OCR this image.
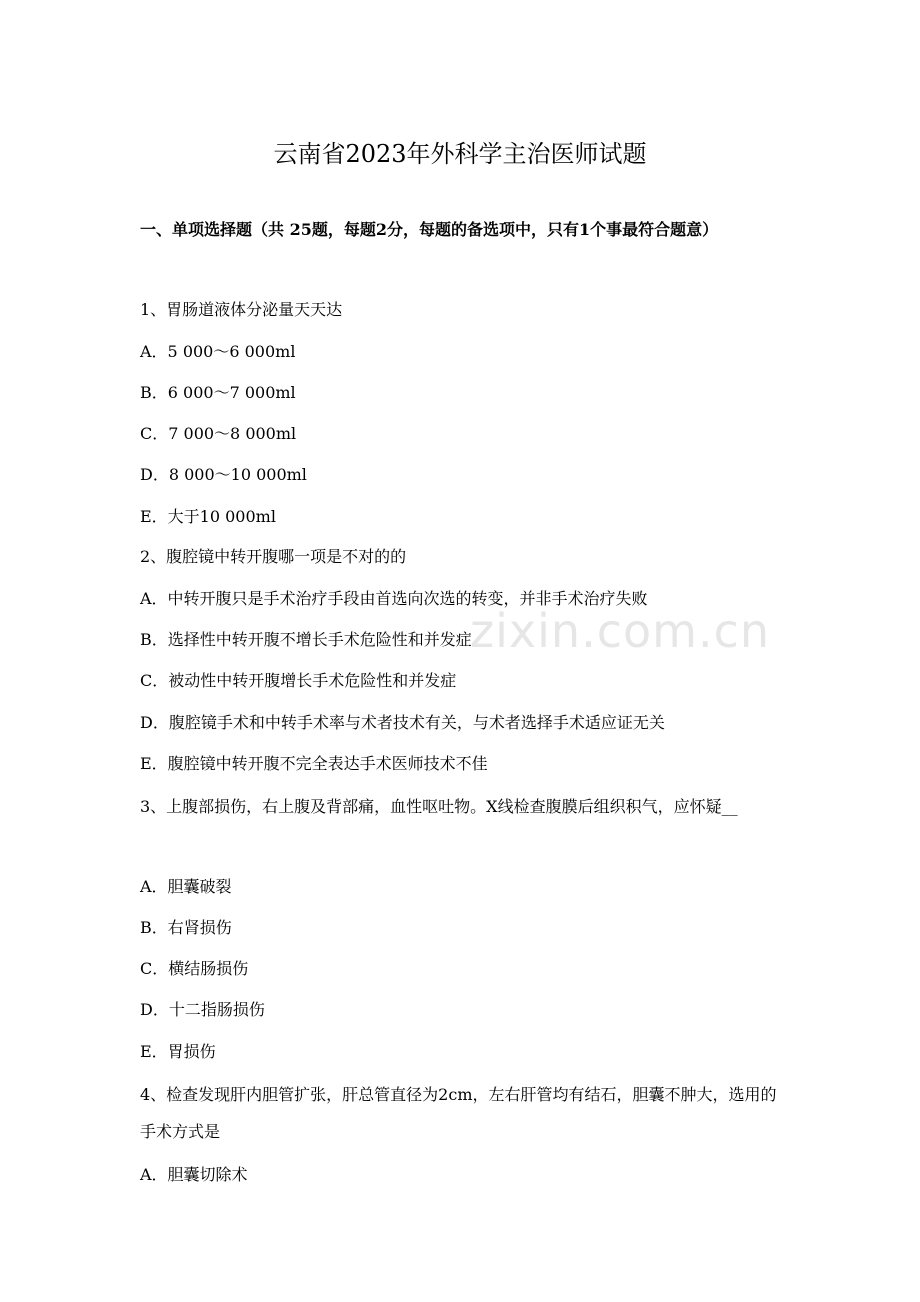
zixin.com.cn
云南省2023年外科学主治医师试题
一、单项选择题（共 25题，每题2分，每题的备选项中，只有1个事最符合题意）
1、胃肠道液体分泌量天天达
A．5 000～6 000ml
B．6 000～7 000ml
C．7 000～8 000ml
D．8 000～10 000ml
E．大于10 000ml
2、腹腔镜中转开腹哪一项是不对的的
A．中转开腹只是手术治疗手段由首选向次选的转变，并非手术治疗失败
B．选择性中转开腹不增长手术危险性和并发症
C．被动性中转开腹增长手术危险性和并发症
D．腹腔镜手术和中转手术率与术者技术有关，与术者选择手术适应证无关
E．腹腔镜中转开腹不完全表达手术医师技术不佳
3、上腹部损伤，右上腹及背部痛，血性呕吐物。X线检查腹膜后组织积气，应怀疑__
A．胆囊破裂
B．右肾损伤
C．横结肠损伤
D．十二指肠损伤
E．胃损伤
4、检查发现肝内胆管扩张，肝总管直径为2cm，左右肝管均有结石，胆囊不肿大，选用的手术方式是
A．胆囊切除术
